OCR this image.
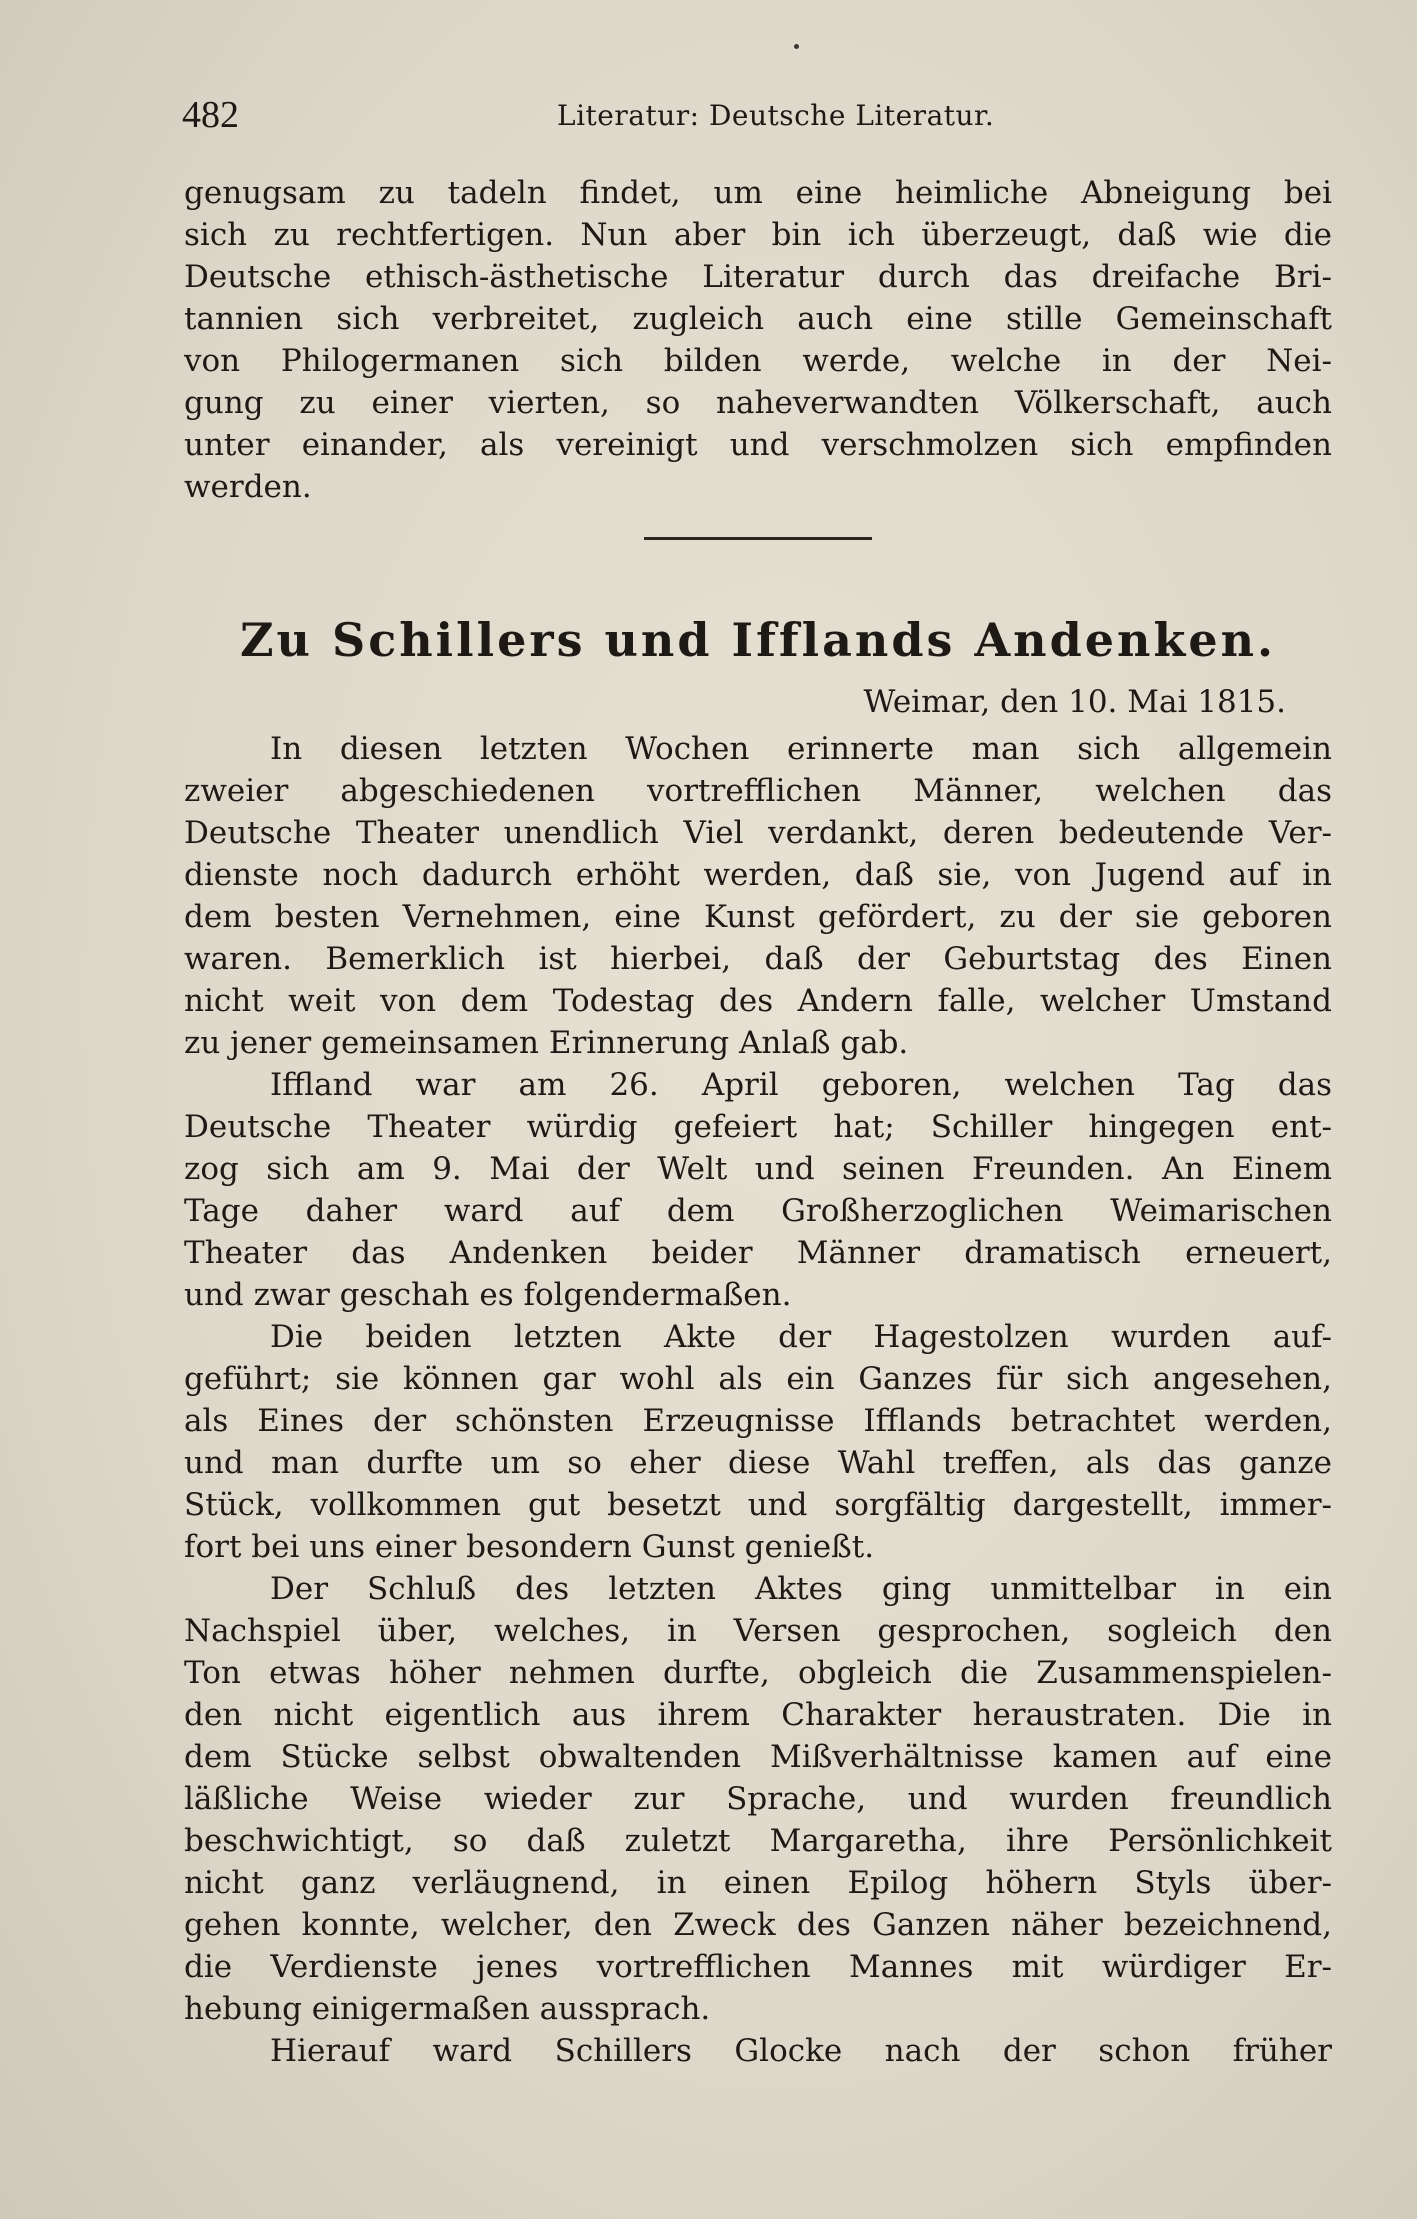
482	Literatur: Deutsche Literatur.
genugsam zu tadeln findet, um eine heimliche Abneigung bei
sich zu rechtfertigen. Nun aber bin ich überzeugt, daß wie die
Deutsche ethisch-ästhetische Literatur durch das dreifache Bri-
tannien sich verbreitet, zugleich auch eine stille Gemeinschaft
von Philogermanen sich bilden werde, welche in der Nei-
gung zu einer vierten, so naheverwandten Völkerschaft, auch
unter einander, als vereinigt und verschmolzen sich empfinden
werden.
Zu Schillers und Ifflands Andenken.
Weimar, den 10. Mai 1815.
In diesen letzten Wochen erinnerte man sich allgemein
zweier abgeschiedenen vortrefflichen Männer, welchen das
Deutsche Theater unendlich Viel verdankt, deren bedeutende Ver-
dienste noch dadurch erhöht werden, daß sie, von Jugend auf in
dem besten Vernehmen, eine Kunst gefördert, zu der sie geboren
waren. Bemerklich ist hierbei, daß der Geburtstag des Einen
nicht weit von dem Todestag des Andern falle, welcher Umstand
zu jener gemeinsamen Erinnerung Anlaß gab.
Iffland war am 26. April geboren, welchen Tag das
Deutsche Theater würdig gefeiert hat; Schiller hingegen ent-
zog sich am 9. Mai der Welt und seinen Freunden. An Einem
Tage daher ward auf dem Großherzoglichen Weimarischen
Theater das Andenken beider Männer dramatisch erneuert,
und zwar geschah es folgendermaßen.
Die beiden letzten Akte der Hagestolzen wurden auf-
geführt; sie können gar wohl als ein Ganzes für sich angesehen,
als Eines der schönsten Erzeugnisse Ifflands betrachtet werden,
und man durfte um so eher diese Wahl treffen, als das ganze
Stück, vollkommen gut besetzt und sorgfältig dargestellt, immer-
fort bei uns einer besondern Gunst genießt.
Der Schluß des letzten Aktes ging unmittelbar in ein
Nachspiel über, welches, in Versen gesprochen, sogleich den
Ton etwas höher nehmen durfte, obgleich die Zusammenspielen-
den nicht eigentlich aus ihrem Charakter heraustraten. Die in
dem Stücke selbst obwaltenden Mißverhältnisse kamen auf eine
läßliche Weise wieder zur Sprache, und wurden freundlich
beschwichtigt, so daß zuletzt Margaretha, ihre Persönlichkeit
nicht ganz verläugnend, in einen Epilog höhern Styls über-
gehen konnte, welcher, den Zweck des Ganzen näher bezeichnend,
die Verdienste jenes vortrefflichen Mannes mit würdiger Er-
hebung einigermaßen aussprach.
Hierauf ward Schillers Glocke nach der schon früher
